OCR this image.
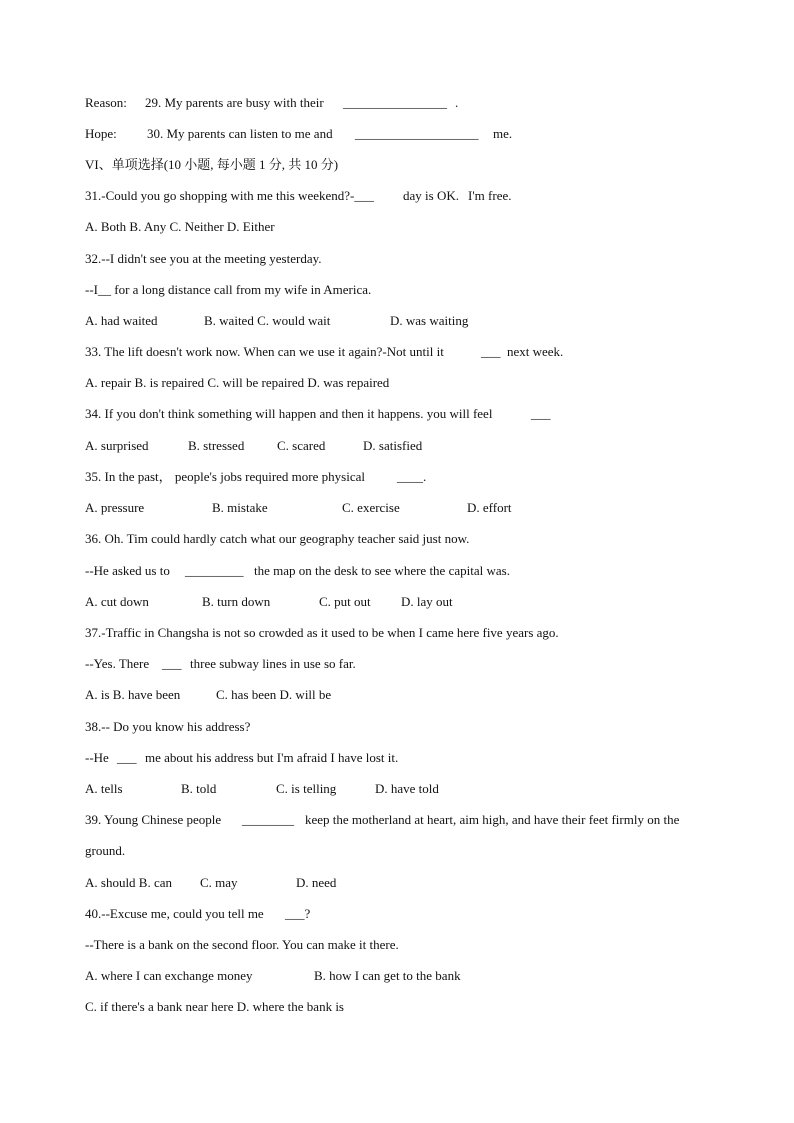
Reason: 29. My parents are busy with their ________________ .
Hope: 30. My parents can listen to me and ___________________ me.
VI、单项选择(10 小题, 每小题 1 分, 共 10 分)
31.-Could you go shopping with me this weekend?-___ day is OK. I'm free.
A. Both B. Any C. Neither D. Either
32.--I didn't see you at the meeting yesterday.
--I__ for a long distance call from my wife in America.
A. had waited	B. waited C. would wait	D. was waiting
33. The lift doesn't work now. When can we use it again?-Not until it	___ next week.
A. repair B. is repaired C. will be repaired D. was repaired
34. If you don't think something will happen and then it happens. you will feel	___
A. surprised	B. stressed	C. scared	D. satisfied
35. In the past， people's jobs required more physical ____.
A. pressure	B. mistake	C. exercise	D. effort
36. Oh. Tim could hardly catch what our geography teacher said just now.
--He asked us to _________ the map on the desk to see where the capital was.
A. cut down	B. turn down	C. put out D. lay out
37.-Traffic in Changsha is not so crowded as it used to be when I came here five years ago.
--Yes. There ___ three subway lines in use so far.
A. is B. have been	C. has been D. will be
38.-- Do you know his address?
--He ___ me about his address but I'm afraid I have lost it.
A. tells	B. told	C. is telling	D. have told
39. Young Chinese people ________ keep the motherland at heart, aim high, and have their feet firmly on the
ground.
A. should B. can C. may	D. need
40.--Excuse me, could you tell me ___?
--There is a bank on the second floor. You can make it there.
A. where I can exchange money	B. how I can get to the bank
C. if there's a bank near here D. where the bank is
